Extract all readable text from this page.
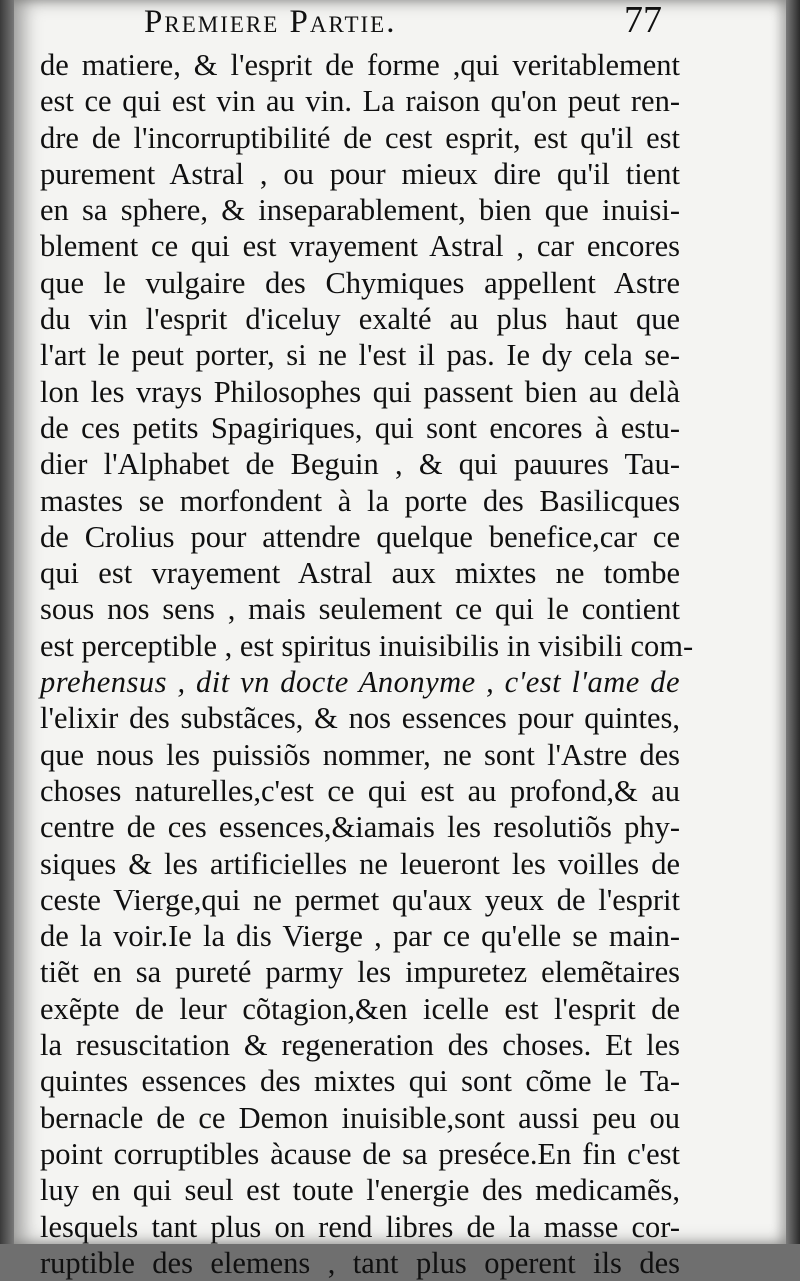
Premiere Partie.	77
de matiere, & l'esprit de forme ,qui veritablement
est ce qui est vin au vin. La raison qu'on peut ren-
dre de l'incorruptibilité de cest esprit, est qu'il est
purement Astral , ou pour mieux dire qu'il tient
en sa sphere, & inseparablement, bien que inuisi-
blement ce qui est vrayement Astral , car encores
que le vulgaire des Chymiques appellent Astre
du vin l'esprit d'iceluy exalté au plus haut que
l'art le peut porter, si ne l'est il pas. Ie dy cela se-
lon les vrays Philosophes qui passent bien au delà
de ces petits Spagiriques, qui sont encores à estu-
dier l'Alphabet de Beguin , & qui pauures Tau-
mastes se morfondent à la porte des Basilicques
de Crolius pour attendre quelque benefice,car ce
qui est vrayement Astral aux mixtes ne tombe
sous nos sens , mais seulement ce qui le contient
est perceptible , est spiritus inuisibilis in visibili com-
prehensus , dit vn docte Anonyme , c'est l'ame de
l'elixir des substãces, & nos essences pour quintes,
que nous les puissiõs nommer, ne sont l'Astre des
choses naturelles,c'est ce qui est au profond,& au
centre de ces essences,&iamais les resolutiõs phy-
siques & les artificielles ne leueront les voilles de
ceste Vierge,qui ne permet qu'aux yeux de l'esprit
de la voir.Ie la dis Vierge , par ce qu'elle se main-
tiẽt en sa pureté parmy les impuretez elemẽtaires
exẽpte de leur cõtagion,&en icelle est l'esprit de
la resuscitation & regeneration des choses. Et les
quintes essences des mixtes qui sont cõme le Ta-
bernacle de ce Demon inuisible,sont aussi peu ou
point corruptibles àcause de sa preséce.En fin c'est
luy en qui seul est toute l'energie des medicamẽs,
lesquels tant plus on rend libres de la masse cor-
ruptible des elemens , tant plus operent ils des
